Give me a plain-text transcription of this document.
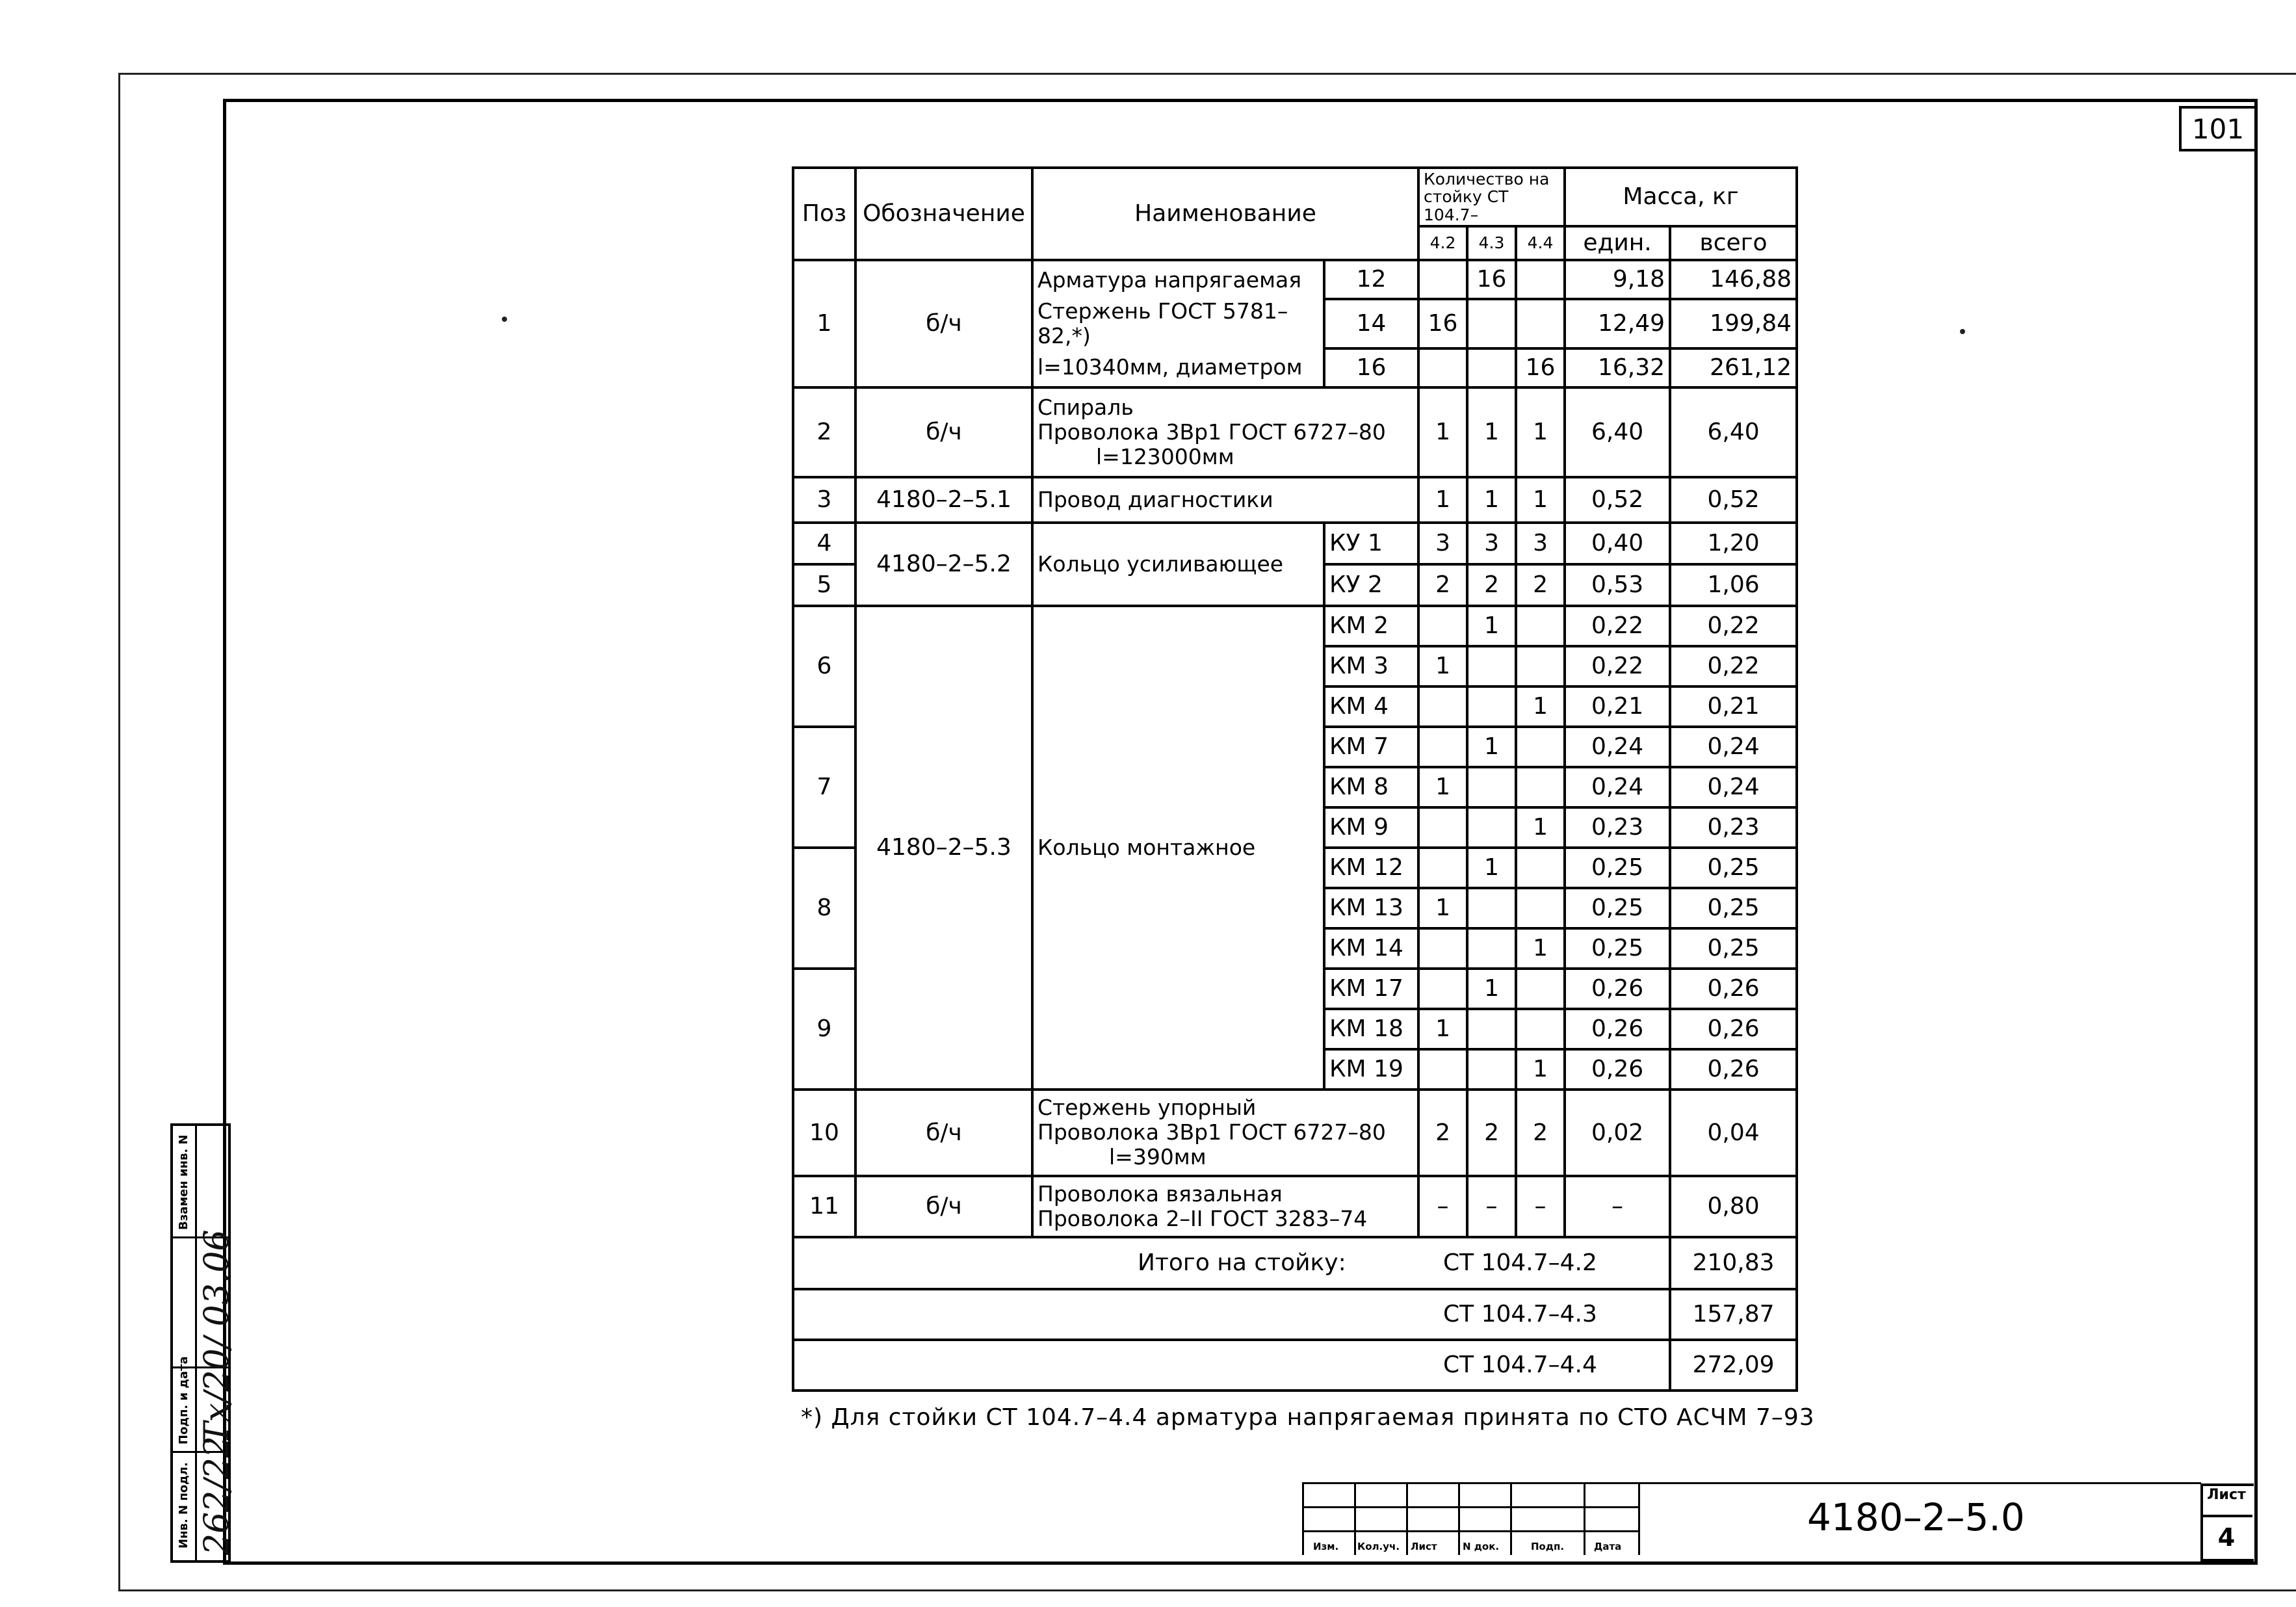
101
Поз	Обозначение	Наименование		Количество на стойку СТ 104.7–			Масса, кг	
				4.2	4.3	4.4	един.	всего
1	б/ч	Арматура напрягаемая	12		16		9,18	146,88
		Стержень ГОСТ 5781–82,*)	14	16			12,49	199,84
		l=10340мм, диаметром	16			16	16,32	261,12
2	б/ч	Спираль
Проволока 3Вр1 ГОСТ 6727–80
l=123000мм		1	1	1	6,40	6,40
3	4180–2–5.1	Провод диагностики		1	1	1	0,52	0,52
4	4180–2–5.2	Кольцо усиливающее	КУ 1	3	3	3	0,40	1,20
5			КУ 2	2	2	2	0,53	1,06
6	4180–2–5.3	Кольцо монтажное	КМ 2		1		0,22	0,22
			КМ 3	1			0,22	0,22
			КМ 4			1	0,21	0,21
7			КМ 7		1		0,24	0,24
			КМ 8	1			0,24	0,24
			КМ 9			1	0,23	0,23
8			КМ 12		1		0,25	0,25
			КМ 13	1			0,25	0,25
			КМ 14			1	0,25	0,25
9			КМ 17		1		0,26	0,26
			КМ 18	1			0,26	0,26
			КМ 19			1	0,26	0,26
10	б/ч	Стержень упорный
Проволока 3Вр1 ГОСТ 6727–80
l=390мм		2	2	2	0,02	0,04
11	б/ч	Проволока вязальная
Проволока 2–II ГОСТ 3283–74		–	–	–	–	0,80
Итого на стойку: СТ 104.7–4.2								210,83
СТ 104.7–4.3								157,87
СТ 104.7–4.4								272,09
*) Для стойки СТ 104.7–4.4 арматура напрягаемая принята по СТО АСЧМ 7–93
Изм. Кол.уч. Лист	N док.	Подп.	Дата
4180–2–5.0
Лист
4
Инв. N подл.
Подп. и дата
Взамен инв. N
262/22
Тх/20/ 03.06
